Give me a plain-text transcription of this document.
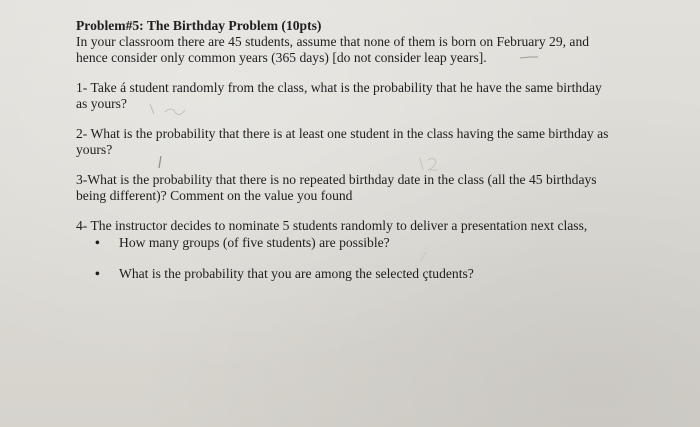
Problem#5: The Birthday Problem (10pts)
In your classroom there are 45 students, assume that none of them is born on February 29, and
hence consider only common years (365 days) [do not consider leap years].
1- Take á student randomly from the class, what is the probability that he have the same birthday
as yours?
2- What is the probability that there is at least one student in the class having the same birthday as
yours?
3-What is the probability that there is no repeated birthday date in the class (all the 45 birthdays
being different)? Comment on the value you found
4- The instructor decides to nominate 5 students randomly to deliver a presentation next class,
• How many groups (of five students) are possible?
• What is the probability that you are among the selected çtudents?
